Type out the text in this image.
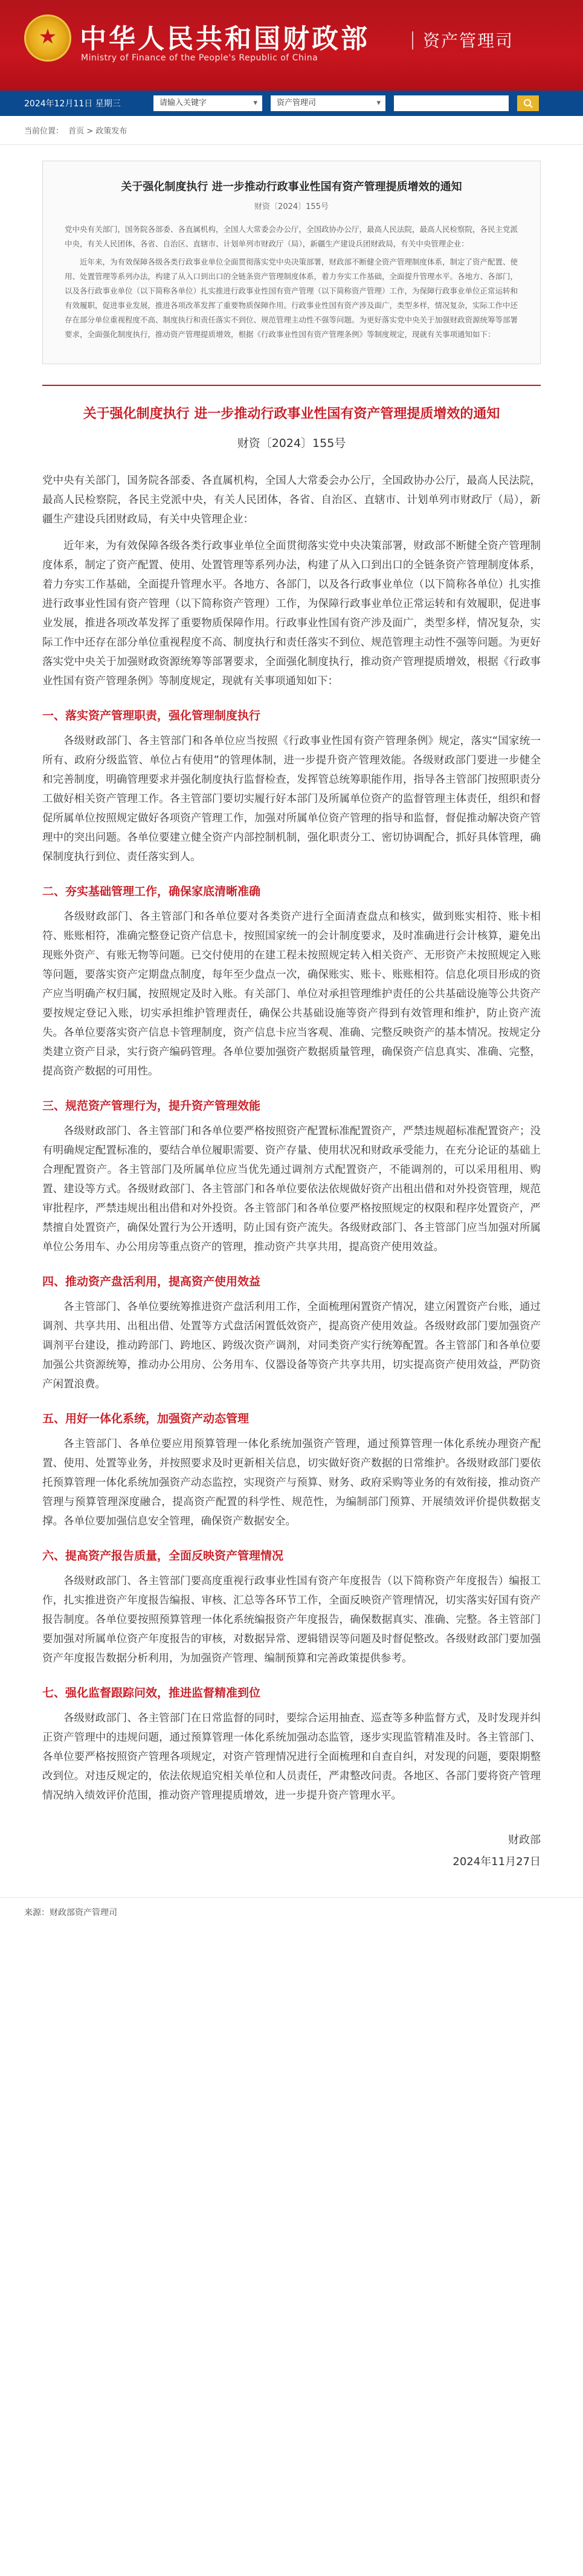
★
中华人民共和国财政部
Ministry of Finance of the People's Republic of China
资产管理司
2024年12月11日 星期三	请输入关键字 ▾	资产管理司 ▾
当前位置： 首页 > 政策发布
关于强化制度执行 进一步推动行政事业性国有资产管理提质增效的通知
财资〔2024〕155号

党中央有关部门，国务院各部委、各直属机构，全国人大常委会办公厅，全国政协办公厅，最高人民法院，最高人民检察院，各民主党派中央，有关人民团体，各省、自治区、直辖市、计划单列市财政厅（局），新疆生产建设兵团财政局，有关中央管理企业：

近年来，为有效保障各级各类行政事业单位全面贯彻落实党中央决策部署，财政部不断健全资产管理制度体系，制定了资产配置、使用、处置管理等系列办法，构建了从入口到出口的全链条资产管理制度体系，着力夯实工作基础，全面提升管理水平。各地方、各部门，以及各行政事业单位（以下简称各单位）扎实推进行政事业性国有资产管理（以下简称资产管理）工作，为保障行政事业单位正常运转和有效履职，促进事业发展，推进各项改革发挥了重要物质保障作用。行政事业性国有资产涉及面广，类型多样，情况复杂，实际工作中还存在部分单位重视程度不高、制度执行和责任落实不到位、规范管理主动性不强等问题。为更好落实党中央关于加强财政资源统筹等部署要求，全面强化制度执行，推动资产管理提质增效，根据《行政事业性国有资产管理条例》等制度规定，现就有关事项通知如下：

关于强化制度执行 进一步推动行政事业性国有资产管理提质增效的通知
财资〔2024〕155号

党中央有关部门，国务院各部委、各直属机构，全国人大常委会办公厅，全国政协办公厅，最高人民法院，最高人民检察院，各民主党派中央，有关人民团体，各省、自治区、直辖市、计划单列市财政厅（局），新疆生产建设兵团财政局，有关中央管理企业：

近年来，为有效保障各级各类行政事业单位全面贯彻落实党中央决策部署，财政部不断健全资产管理制度体系，制定了资产配置、使用、处置管理等系列办法，构建了从入口到出口的全链条资产管理制度体系，着力夯实工作基础，全面提升管理水平。各地方、各部门，以及各行政事业单位（以下简称各单位）扎实推进行政事业性国有资产管理（以下简称资产管理）工作，为保障行政事业单位正常运转和有效履职，促进事业发展，推进各项改革发挥了重要物质保障作用。行政事业性国有资产涉及面广，类型多样，情况复杂，实际工作中还存在部分单位重视程度不高、制度执行和责任落实不到位、规范管理主动性不强等问题。为更好落实党中央关于加强财政资源统筹等部署要求，全面强化制度执行，推动资产管理提质增效，根据《行政事业性国有资产管理条例》等制度规定，现就有关事项通知如下：

一、落实资产管理职责，强化管理制度执行

各级财政部门、各主管部门和各单位应当按照《行政事业性国有资产管理条例》规定，落实“国家统一所有、政府分级监管、单位占有使用”的管理体制，进一步提升资产管理效能。各级财政部门要进一步健全和完善制度，明确管理要求并强化制度执行监督检查，发挥管总统筹职能作用，指导各主管部门按照职责分工做好相关资产管理工作。各主管部门要切实履行好本部门及所属单位资产的监督管理主体责任，组织和督促所属单位按照规定做好各项资产管理工作，加强对所属单位资产管理的指导和监督，督促推动解决资产管理中的突出问题。各单位要建立健全资产内部控制机制，强化职责分工、密切协调配合，抓好具体管理，确保制度执行到位、责任落实到人。

二、夯实基础管理工作，确保家底清晰准确

各级财政部门、各主管部门和各单位要对各类资产进行全面清查盘点和核实，做到账实相符、账卡相符、账账相符，准确完整登记资产信息卡，按照国家统一的会计制度要求，及时准确进行会计核算，避免出现账外资产、有账无物等问题。已交付使用的在建工程未按照规定转入相关资产、无形资产未按照规定入账等问题，要落实资产定期盘点制度，每年至少盘点一次，确保账实、账卡、账账相符。信息化项目形成的资产应当明确产权归属，按照规定及时入账。有关部门、单位对承担管理维护责任的公共基础设施等公共资产要按规定登记入账，切实承担维护管理责任，确保公共基础设施等资产得到有效管理和维护，防止资产流失。各单位要落实资产信息卡管理制度，资产信息卡应当客观、准确、完整反映资产的基本情况。按规定分类建立资产目录，实行资产编码管理。各单位要加强资产数据质量管理，确保资产信息真实、准确、完整，提高资产数据的可用性。

三、规范资产管理行为，提升资产管理效能

各级财政部门、各主管部门和各单位要严格按照资产配置标准配置资产，严禁违规超标准配置资产；没有明确规定配置标准的，要结合单位履职需要、资产存量、使用状况和财政承受能力，在充分论证的基础上合理配置资产。各主管部门及所属单位应当优先通过调剂方式配置资产，不能调剂的，可以采用租用、购置、建设等方式。各级财政部门、各主管部门和各单位要依法依规做好资产出租出借和对外投资管理，规范审批程序，严禁违规出租出借和对外投资。各主管部门和各单位要严格按照规定的权限和程序处置资产，严禁擅自处置资产，确保处置行为公开透明，防止国有资产流失。各级财政部门、各主管部门应当加强对所属单位公务用车、办公用房等重点资产的管理，推动资产共享共用，提高资产使用效益。

四、推动资产盘活利用，提高资产使用效益

各主管部门、各单位要统筹推进资产盘活利用工作，全面梳理闲置资产情况，建立闲置资产台账，通过调剂、共享共用、出租出借、处置等方式盘活闲置低效资产，提高资产使用效益。各级财政部门要加强资产调剂平台建设，推动跨部门、跨地区、跨级次资产调剂，对同类资产实行统筹配置。各主管部门和各单位要加强公共资源统筹，推动办公用房、公务用车、仪器设备等资产共享共用，切实提高资产使用效益，严防资产闲置浪费。

五、用好一体化系统，加强资产动态管理

各主管部门、各单位要应用预算管理一体化系统加强资产管理，通过预算管理一体化系统办理资产配置、使用、处置等业务，并按照要求及时更新相关信息，切实做好资产数据的日常维护。各级财政部门要依托预算管理一体化系统加强资产动态监控，实现资产与预算、财务、政府采购等业务的有效衔接，推动资产管理与预算管理深度融合，提高资产配置的科学性、规范性，为编制部门预算、开展绩效评价提供数据支撑。各单位要加强信息安全管理，确保资产数据安全。

六、提高资产报告质量，全面反映资产管理情况

各级财政部门、各主管部门要高度重视行政事业性国有资产年度报告（以下简称资产年度报告）编报工作，扎实推进资产年度报告编报、审核、汇总等各环节工作，全面反映资产管理情况，切实落实好国有资产报告制度。各单位要按照预算管理一体化系统编报资产年度报告，确保数据真实、准确、完整。各主管部门要加强对所属单位资产年度报告的审核，对数据异常、逻辑错误等问题及时督促整改。各级财政部门要加强资产年度报告数据分析利用，为加强资产管理、编制预算和完善政策提供参考。

七、强化监督跟踪问效，推进监督精准到位

各级财政部门、各主管部门在日常监督的同时，要综合运用抽查、巡查等多种监督方式，及时发现并纠正资产管理中的违规问题，通过预算管理一体化系统加强动态监管，逐步实现监管精准及时。各主管部门、各单位要严格按照资产管理各项规定，对资产管理情况进行全面梳理和自查自纠，对发现的问题，要限期整改到位。对违反规定的，依法依规追究相关单位和人员责任，严肃整改问责。各地区、各部门要将资产管理情况纳入绩效评价范围，推动资产管理提质增效，进一步提升资产管理水平。

财政部
2024年11月27日
来源：财政部资产管理司
